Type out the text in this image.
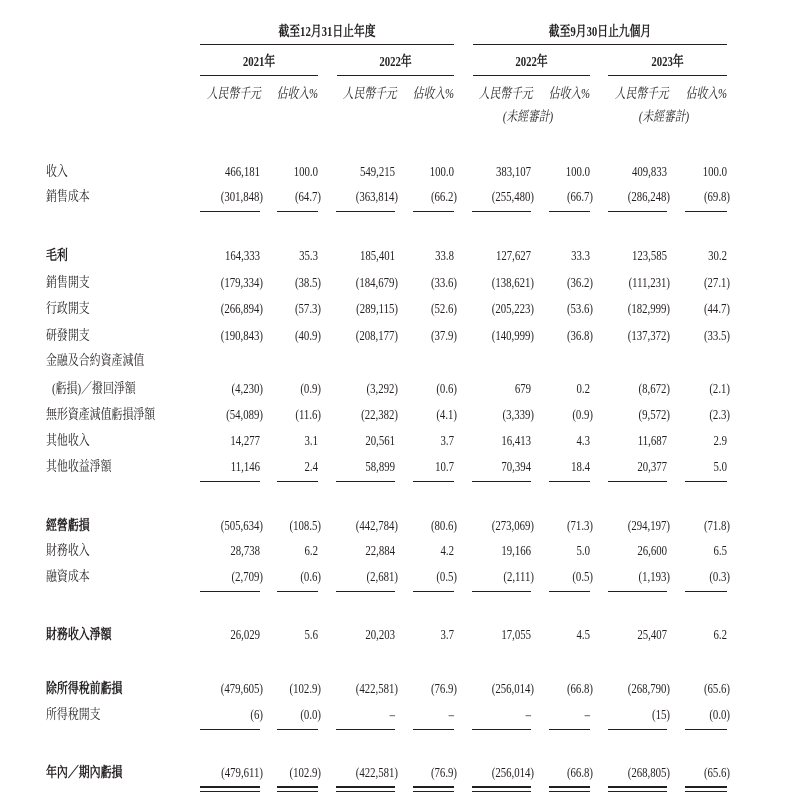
截至12月31日止年度	截至9月30日止九個月
2021年	2022年	2022年	2023年
人民幣千元	佔收入% 人民幣千元	佔收入% 人民幣千元	佔收入% 人民幣千元	佔收入%
(未經審計)	(未經審計)
收入	466,181	100.0	549,215	100.0	383,107	100.0	409,833	100.0
銷售成本	(301,848)	(64.7)	(363,814)	(66.2)	(255,480)	(66.7)	(286,248)	(69.8)
毛利	164,333	35.3	185,401	33.8	127,627	33.3	123,585	30.2
銷售開支	(179,334)	(38.5)	(184,679)	(33.6)	(138,621)	(36.2)	(111,231)	(27.1)
行政開支	(266,894)	(57.3)	(289,115)	(52.6)	(205,223)	(53.6)	(182,999)	(44.7)
研發開支	(190,843)	(40.9)	(208,177)	(37.9)	(140,999)	(36.8)	(137,372)	(33.5)
金融及合約資產減值
(虧損)／撥回淨額	(4,230)	(0.9)	(3,292)	(0.6)	679	0.2	(8,672)	(2.1)
無形資產減值虧損淨額	(54,089)	(11.6)	(22,382)	(4.1)	(3,339)	(0.9)	(9,572)	(2.3)
其他收入	14,277	3.1	20,561	3.7	16,413	4.3	11,687	2.9
其他收益淨額	11,146	2.4	58,899	10.7	70,394	18.4	20,377	5.0
經營虧損	(505,634)	(108.5)	(442,784)	(80.6)	(273,069)	(71.3)	(294,197)	(71.8)
財務收入	28,738	6.2	22,884	4.2	19,166	5.0	26,600	6.5
融資成本	(2,709)	(0.6)	(2,681)	(0.5)	(2,111)	(0.5)	(1,193)	(0.3)
財務收入淨額	26,029	5.6	20,203	3.7	17,055	4.5	25,407	6.2
除所得稅前虧損	(479,605)	(102.9)	(422,581)	(76.9)	(256,014)	(66.8)	(268,790)	(65.6)
所得稅開支	(6)	(0.0)	–	–	–	–	(15)	(0.0)
年內／期內虧損	(479,611)	(102.9)	(422,581)	(76.9)	(256,014)	(66.8)	(268,805)	(65.6)
